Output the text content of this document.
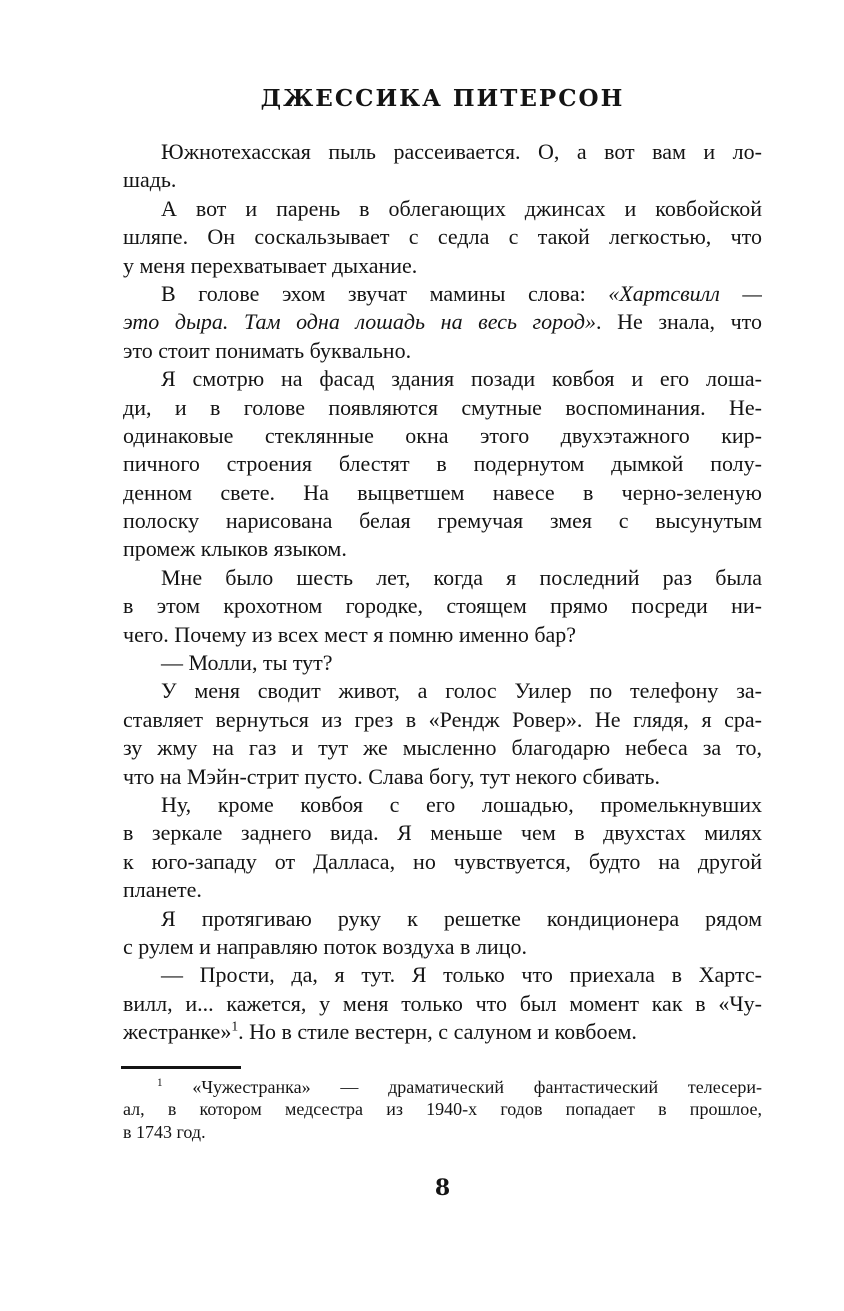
ДЖЕССИКА ПИТЕРСОН
Южнотехасская пыль рассеивается. О, а вот вам и ло-
шадь.
А вот и парень в облегающих джинсах и ковбойской
шляпе. Он соскальзывает с седла с такой легкостью, что
у меня перехватывает дыхание.
В голове эхом звучат мамины слова: «Хартсвилл —
это дыра. Там одна лошадь на весь город». Не знала, что
это стоит понимать буквально.
Я смотрю на фасад здания позади ковбоя и его лоша-
ди, и в голове появляются смутные воспоминания. Не-
одинаковые стеклянные окна этого двухэтажного кир-
пичного строения блестят в подернутом дымкой полу-
денном свете. На выцветшем навесе в черно-зеленую
полоску нарисована белая гремучая змея с высунутым
промеж клыков языком.
Мне было шесть лет, когда я последний раз была
в этом крохотном городке, стоящем прямо посреди ни-
чего. Почему из всех мест я помню именно бар?
— Молли, ты тут?
У меня сводит живот, а голос Уилер по телефону за-
ставляет вернуться из грез в «Рендж Ровер». Не глядя, я сра-
зу жму на газ и тут же мысленно благодарю небеса за то,
что на Мэйн-стрит пусто. Слава богу, тут некого сбивать.
Ну, кроме ковбоя с его лошадью, промелькнувших
в зеркале заднего вида. Я меньше чем в двухстах милях
к юго-западу от Далласа, но чувствуется, будто на другой
планете.
Я протягиваю руку к решетке кондиционера рядом
с рулем и направляю поток воздуха в лицо.
— Прости, да, я тут. Я только что приехала в Хартс-
вилл, и... кажется, у меня только что был момент как в «Чу-
жестранке»$^1$. Но в стиле вестерн, с салуном и ковбоем.
$^1$ «Чужестранка» — драматический фантастический телесери-
ал, в котором медсестра из 1940-х годов попадает в прошлое,
в 1743 год.
8
